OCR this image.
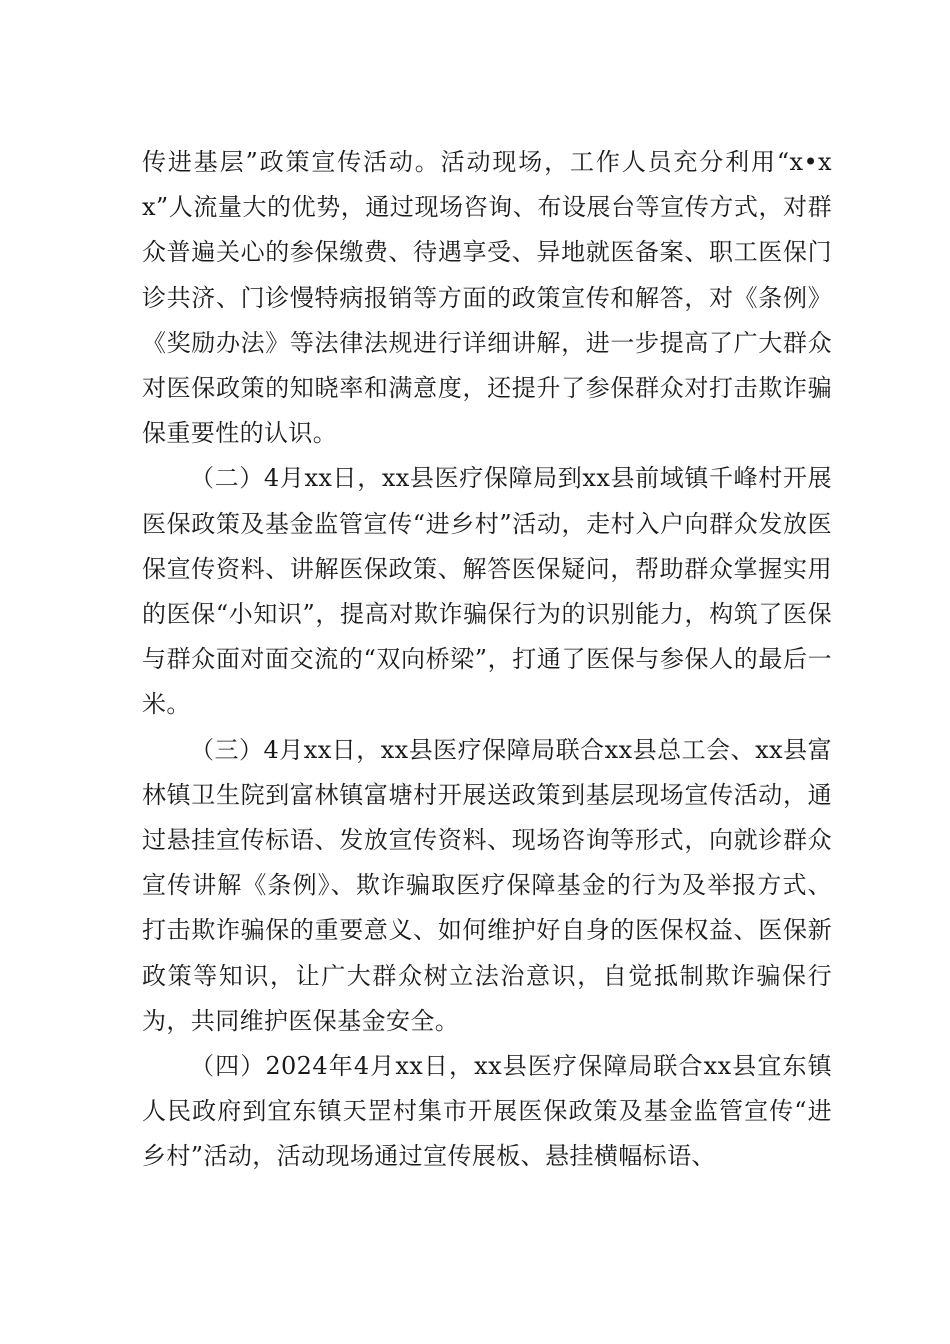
传进基层”政策宣传活动。活动现场，工作人员充分利用“x•xx”人流量大的优势，通过现场咨询、布设展台等宣传方式，对群众普遍关心的参保缴费、待遇享受、异地就医备案、职工医保门诊共济、门诊慢特病报销等方面的政策宣传和解答，对《条例》《奖励办法》等法律法规进行详细讲解，进一步提高了广大群众对医保政策的知晓率和满意度，还提升了参保群众对打击欺诈骗保重要性的认识。

（二）4月xx日，xx县医疗保障局到xx县前域镇千峰村开展医保政策及基金监管宣传“进乡村”活动，走村入户向群众发放医保宣传资料、讲解医保政策、解答医保疑问，帮助群众掌握实用的医保“小知识”，提高对欺诈骗保行为的识别能力，构筑了医保与群众面对面交流的“双向桥梁”，打通了医保与参保人的最后一米。

（三）4月xx日，xx县医疗保障局联合xx县总工会、xx县富林镇卫生院到富林镇富塘村开展送政策到基层现场宣传活动，通过悬挂宣传标语、发放宣传资料、现场咨询等形式，向就诊群众宣传讲解《条例》、欺诈骗取医疗保障基金的行为及举报方式、打击欺诈骗保的重要意义、如何维护好自身的医保权益、医保新政策等知识，让广大群众树立法治意识，自觉抵制欺诈骗保行为，共同维护医保基金安全。

（四）2024年4月xx日，xx县医疗保障局联合xx县宜东镇人民政府到宜东镇天罡村集市开展医保政策及基金监管宣传“进乡村”活动，活动现场通过宣传展板、悬挂横幅标语、
